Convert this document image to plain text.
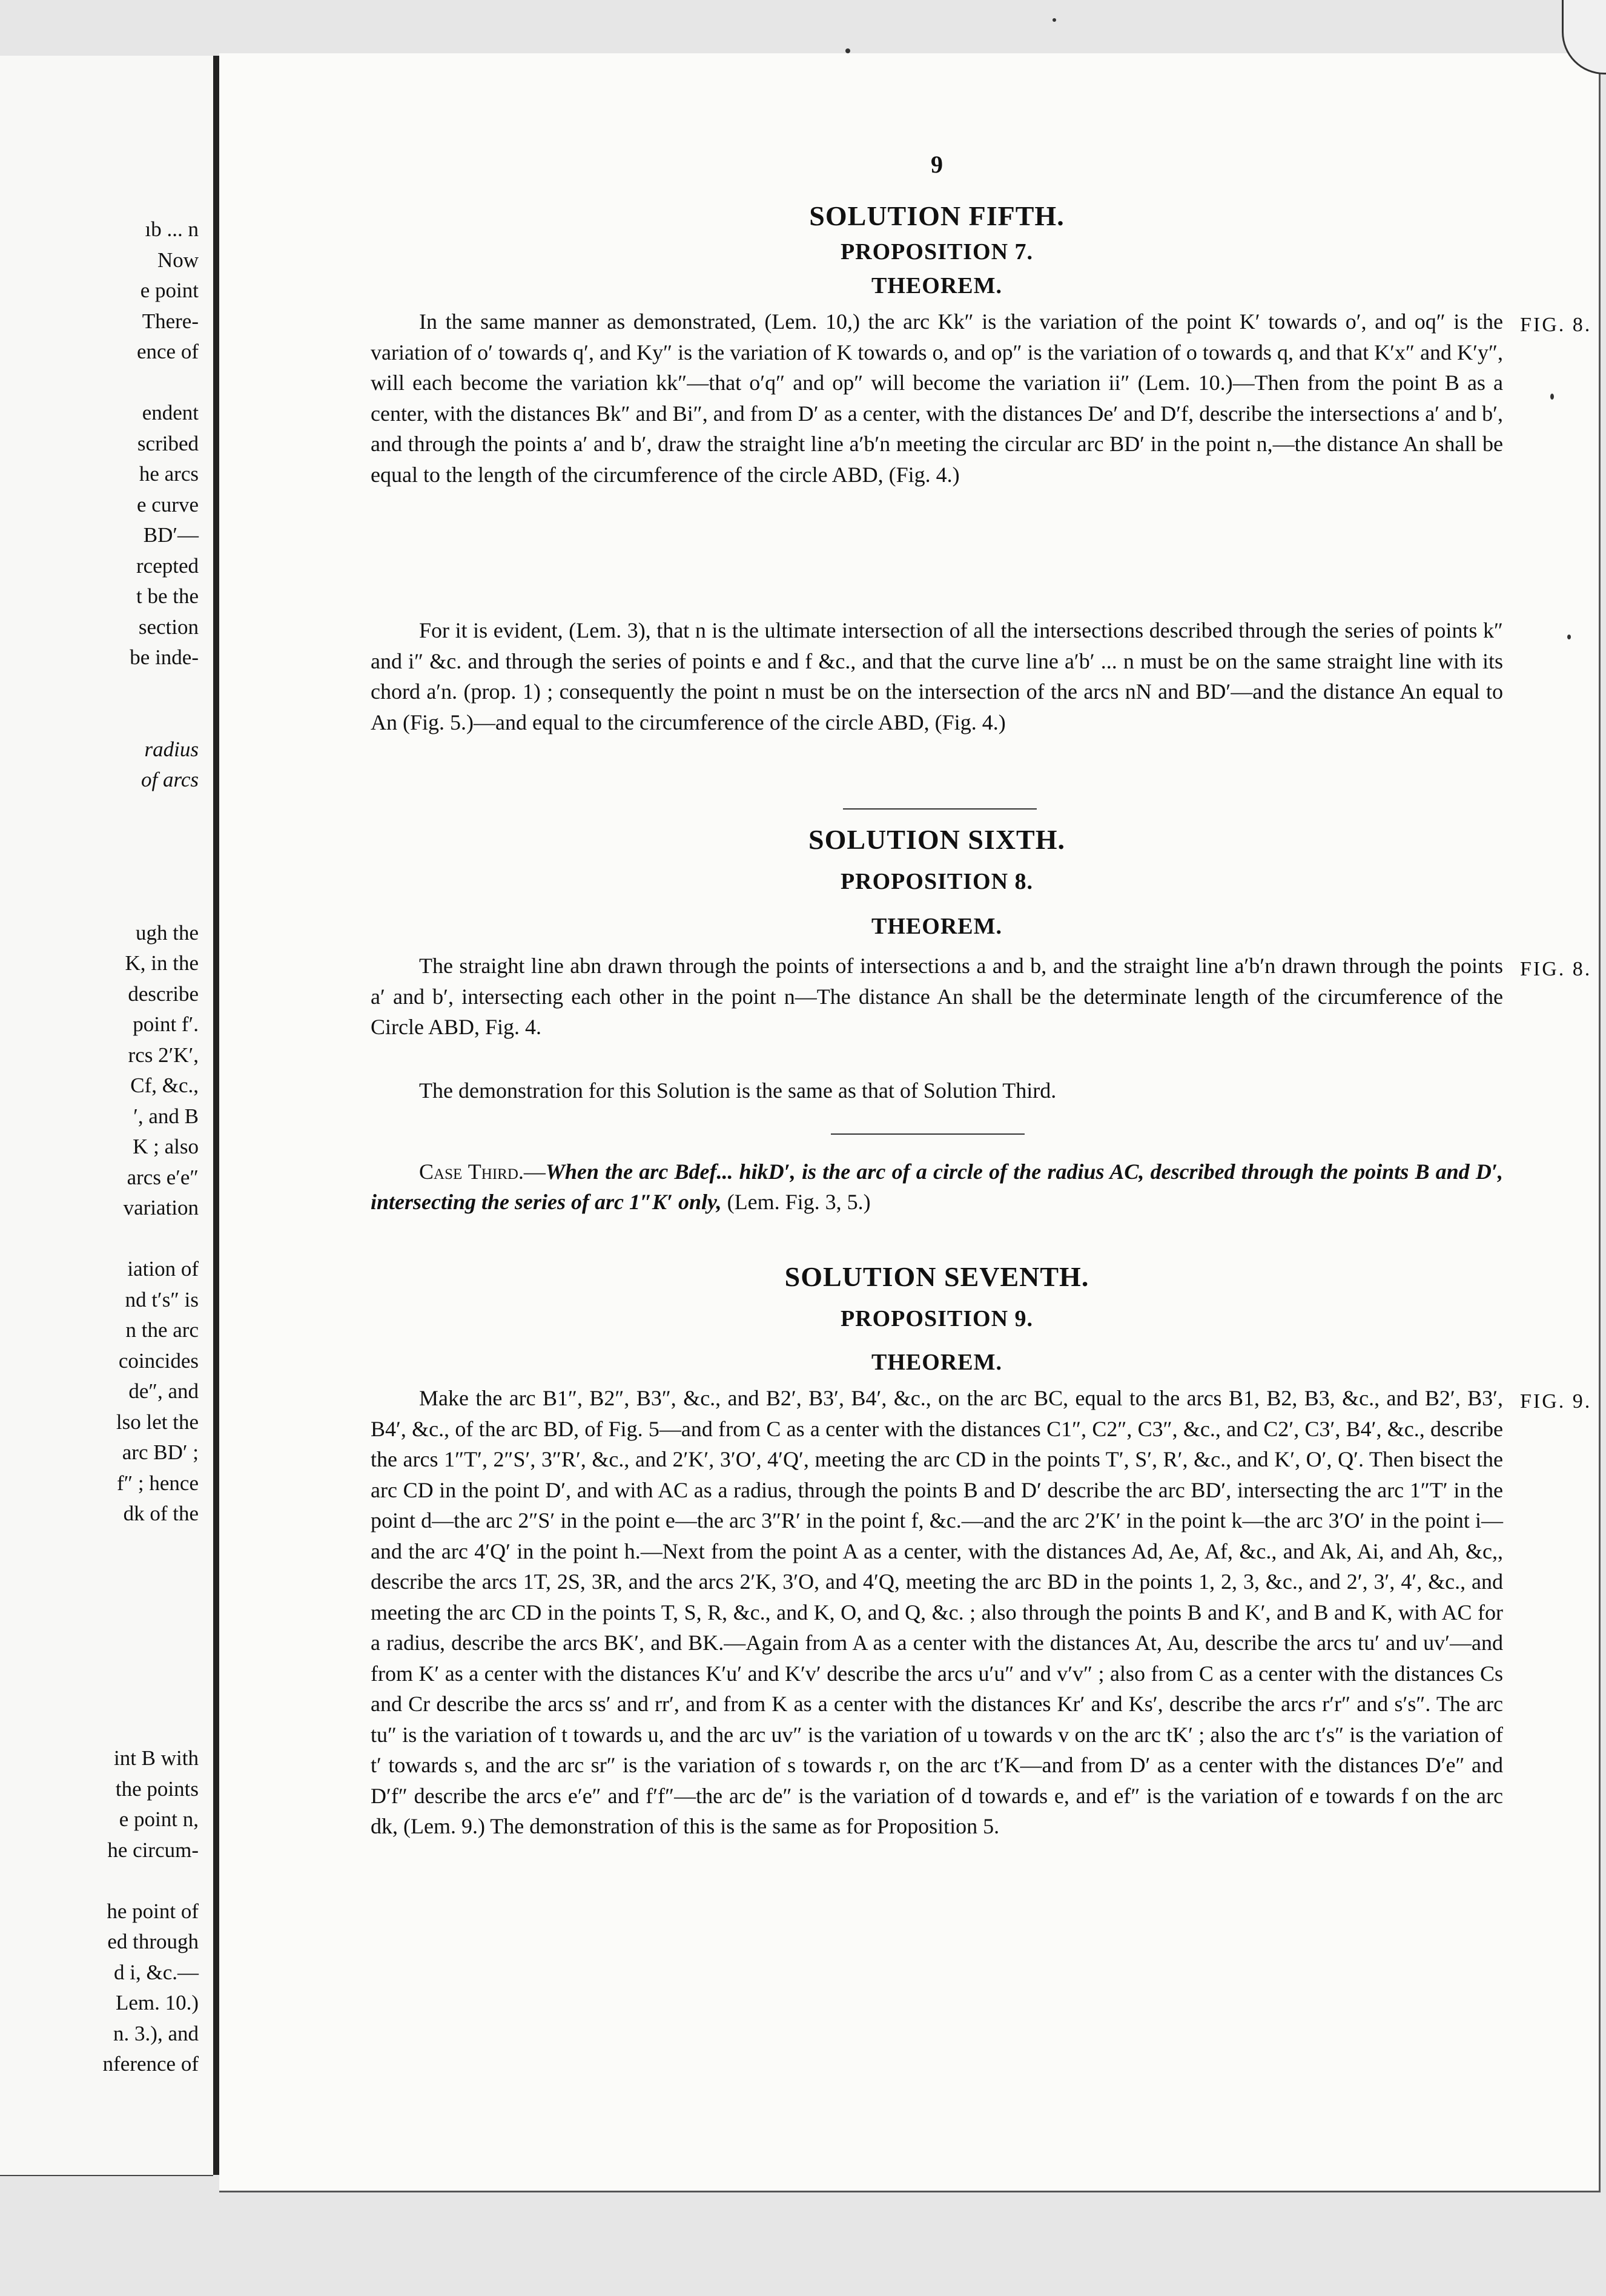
ıb ... n
Now
e point
There-
ence of
endent
scribed
he arcs
e curve
BD′—
rcepted
t be the
section
be inde-
radius
of arcs
ugh the
K, in the
describe
point f′.
rcs 2′K′,
Cf, &c.,
′, and B
K ; also
arcs e′e″
variation
iation of
nd t′s″ is
n the arc
coincides
de″, and
lso let the
arc BD′ ;
f″ ; hence
dk of the
int B with
the points
e point n,
he circum-
he point of
ed through
d i, &c.—
Lem. 10.)
n. 3.), and
nference of
9
SOLUTION FIFTH.
PROPOSITION 7.
THEOREM.
In the same manner as demonstrated, (Lem. 10,) the arc Kk″ is the variation of the point K′ towards o′, and oq″ is the variation of o′ towards q′, and Ky″ is the variation of K towards o, and op″ is the variation of o towards q, and that K′x″ and K′y″, will each become the variation kk″—that o′q″ and op″ will become the variation ii″ (Lem. 10.)—Then from the point B as a center, with the distances Bk″ and Bi″, and from D′ as a center, with the distances De′ and D′f, describe the intersections a′ and b′, and through the points a′ and b′, draw the straight line a′b′n meeting the circular arc BD′ in the point n,—the distance An shall be equal to the length of the circumference of the circle ABD, (Fig. 4.)
For it is evident, (Lem. 3), that n is the ultimate intersection of all the intersections described through the series of points k″ and i″ &c. and through the series of points e and f &c., and that the curve line a′b′ ... n must be on the same straight line with its chord a′n. (prop. 1) ; consequently the point n must be on the intersection of the arcs nN and BD′—and the distance An equal to An (Fig. 5.)—and equal to the circumference of the circle ABD, (Fig. 4.)
SOLUTION SIXTH.
PROPOSITION 8.
THEOREM.
The straight line abn drawn through the points of intersections a and b, and the straight line a′b′n drawn through the points a′ and b′, intersecting each other in the point n—The distance An shall be the determinate length of the circumference of the Circle ABD, Fig. 4.
The demonstration for this Solution is the same as that of Solution Third.
Case Third.—When the arc Bdef... hikD′, is the arc of a circle of the radius AC, described through the points B and D′, intersecting the series of arc 1″K′ only, (Lem. Fig. 3, 5.)
SOLUTION SEVENTH.
PROPOSITION 9.
THEOREM.
Make the arc B1″, B2″, B3″, &c., and B2′, B3′, B4′, &c., on the arc BC, equal to the arcs B1, B2, B3, &c., and B2′, B3′, B4′, &c., of the arc BD, of Fig. 5—and from C as a center with the distances C1″, C2″, C3″, &c., and C2′, C3′, B4′, &c., describe the arcs 1″T′, 2″S′, 3″R′, &c., and 2′K′, 3′O′, 4′Q′, meeting the arc CD in the points T′, S′, R′, &c., and K′, O′, Q′. Then bisect the arc CD in the point D′, and with AC as a radius, through the points B and D′ describe the arc BD′, intersecting the arc 1″T′ in the point d—the arc 2″S′ in the point e—the arc 3″R′ in the point f, &c.—and the arc 2′K′ in the point k—the arc 3′O′ in the point i—and the arc 4′Q′ in the point h.—Next from the point A as a center, with the distances Ad, Ae, Af, &c., and Ak, Ai, and Ah, &c,, describe the arcs 1T, 2S, 3R, and the arcs 2′K, 3′O, and 4′Q, meeting the arc BD in the points 1, 2, 3, &c., and 2′, 3′, 4′, &c., and meeting the arc CD in the points T, S, R, &c., and K, O, and Q, &c. ; also through the points B and K′, and B and K, with AC for a radius, describe the arcs BK′, and BK.—Again from A as a center with the distances At, Au, describe the arcs tu′ and uv′—and from K′ as a center with the distances K′u′ and K′v′ describe the arcs u′u″ and v′v″ ; also from C as a center with the distances Cs and Cr describe the arcs ss′ and rr′, and from K as a center with the distances Kr′ and Ks′, describe the arcs r′r″ and s′s″. The arc tu″ is the variation of t towards u, and the arc uv″ is the variation of u towards v on the arc tK′ ; also the arc t′s″ is the variation of t′ towards s, and the arc sr″ is the variation of s towards r, on the arc t′K—and from D′ as a center with the distances D′e″ and D′f″ describe the arcs e′e″ and f′f″—the arc de″ is the variation of d towards e, and ef″ is the variation of e towards f on the arc dk, (Lem. 9.) The demonstration of this is the same as for Proposition 5.
FIG. 8.
FIG. 8.
FIG. 9.
